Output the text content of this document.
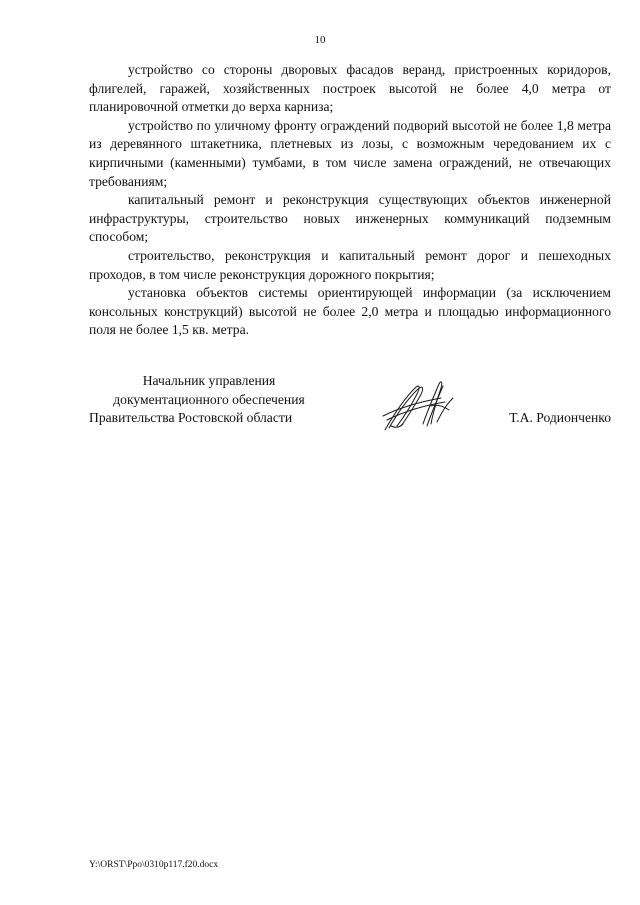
10

устройство со стороны дворовых фасадов веранд, пристроенных коридоров, флигелей, гаражей, хозяйственных построек высотой не более 4,0 метра от планировочной отметки до верха карниза;

устройство по уличному фронту ограждений подворий высотой не более 1,8 метра из деревянного штакетника, плетневых из лозы, с возможным чередованием их с кирпичными (каменными) тумбами, в том числе замена ограждений, не отвечающих требованиям;

капитальный ремонт и реконструкция существующих объектов инженерной инфраструктуры, строительство новых инженерных коммуникаций подземным способом;

строительство, реконструкция и капитальный ремонт дорог и пешеходных проходов, в том числе реконструкция дорожного покрытия;

установка объектов системы ориентирующей информации (за исключением консольных конструкций) высотой не более 2,0 метра и площадью информационного поля не более 1,5 кв. метра.

Начальник управления
документационного обеспечения
Правительства Ростовской области	Т.А. Родионченко
Y:\ORST\Ppo\0310p117.f20.docx
